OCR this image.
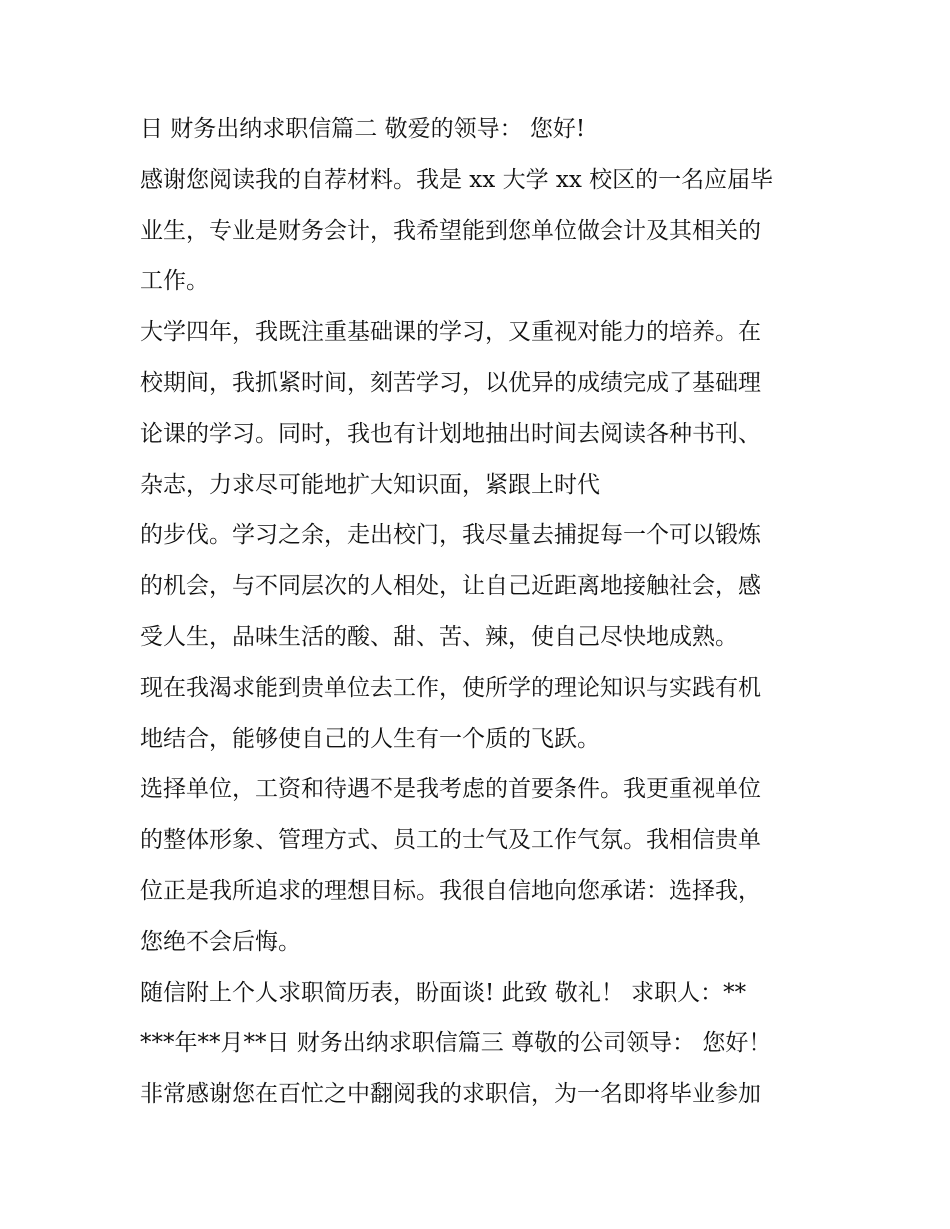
日 财务出纳求职信篇二 敬爱的领导： 您好!
感谢您阅读我的自荐材料。我是 xx 大学 xx 校区的一名应届毕
业生，专业是财务会计，我希望能到您单位做会计及其相关的
工作。
大学四年，我既注重基础课的学习，又重视对能力的培养。在
校期间，我抓紧时间，刻苦学习，以优异的成绩完成了基础理
论课的学习。同时，我也有计划地抽出时间去阅读各种书刊、
杂志，力求尽可能地扩大知识面，紧跟上时代
的步伐。学习之余，走出校门，我尽量去捕捉每一个可以锻炼
的机会，与不同层次的人相处，让自己近距离地接触社会，感
受人生，品味生活的酸、甜、苦、辣，使自己尽快地成熟。
现在我渴求能到贵单位去工作，使所学的理论知识与实践有机
地结合，能够使自己的人生有一个质的飞跃。
选择单位，工资和待遇不是我考虑的首要条件。我更重视单位
的整体形象、管理方式、员工的士气及工作气氛。我相信贵单
位正是我所追求的理想目标。我很自信地向您承诺：选择我，
您绝不会后悔。
随信附上个人求职简历表，盼面谈! 此致 敬礼！ 求职人：**
***年**月**日 财务出纳求职信篇三 尊敬的公司领导： 您好！
非常感谢您在百忙之中翻阅我的求职信，为一名即将毕业参加
